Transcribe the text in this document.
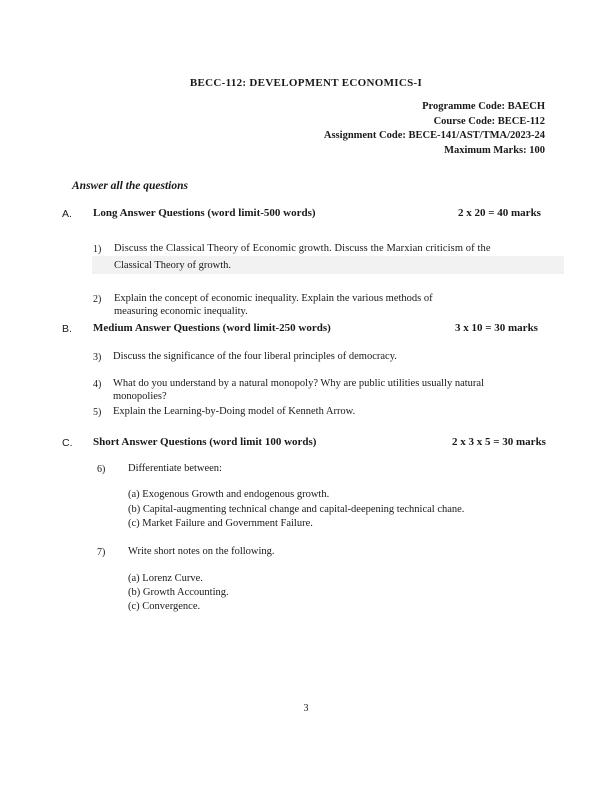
BECC-112: DEVELOPMENT ECONOMICS-I
Programme Code: BAECH
Course Code: BECE-112
Assignment Code: BECE-141/AST/TMA/2023-24
Maximum Marks: 100
Answer all the questions
A. Long Answer Questions (word limit-500 words)	2 x 20 = 40 marks
1) Discuss the Classical Theory of Economic growth. Discuss the Marxian criticism of the
Classical Theory of growth.
2) Explain the concept of economic inequality. Explain the various methods of
measuring economic inequality.
B. Medium Answer Questions (word limit-250 words)	3 x 10 = 30 marks
3) Discuss the significance of the four liberal principles of democracy.
4) What do you understand by a natural monopoly? Why are public utilities usually natural
monopolies?
5) Explain the Learning-by-Doing model of Kenneth Arrow.
C. Short Answer Questions (word limit 100 words)	2 x 3 x 5 = 30 marks
6) Differentiate between:
(a) Exogenous Growth and endogenous growth.
(b) Capital-augmenting technical change and capital-deepening technical chane.
(c) Market Failure and Government Failure.
7) Write short notes on the following.
(a) Lorenz Curve.
(b) Growth Accounting.
(c) Convergence.
3
